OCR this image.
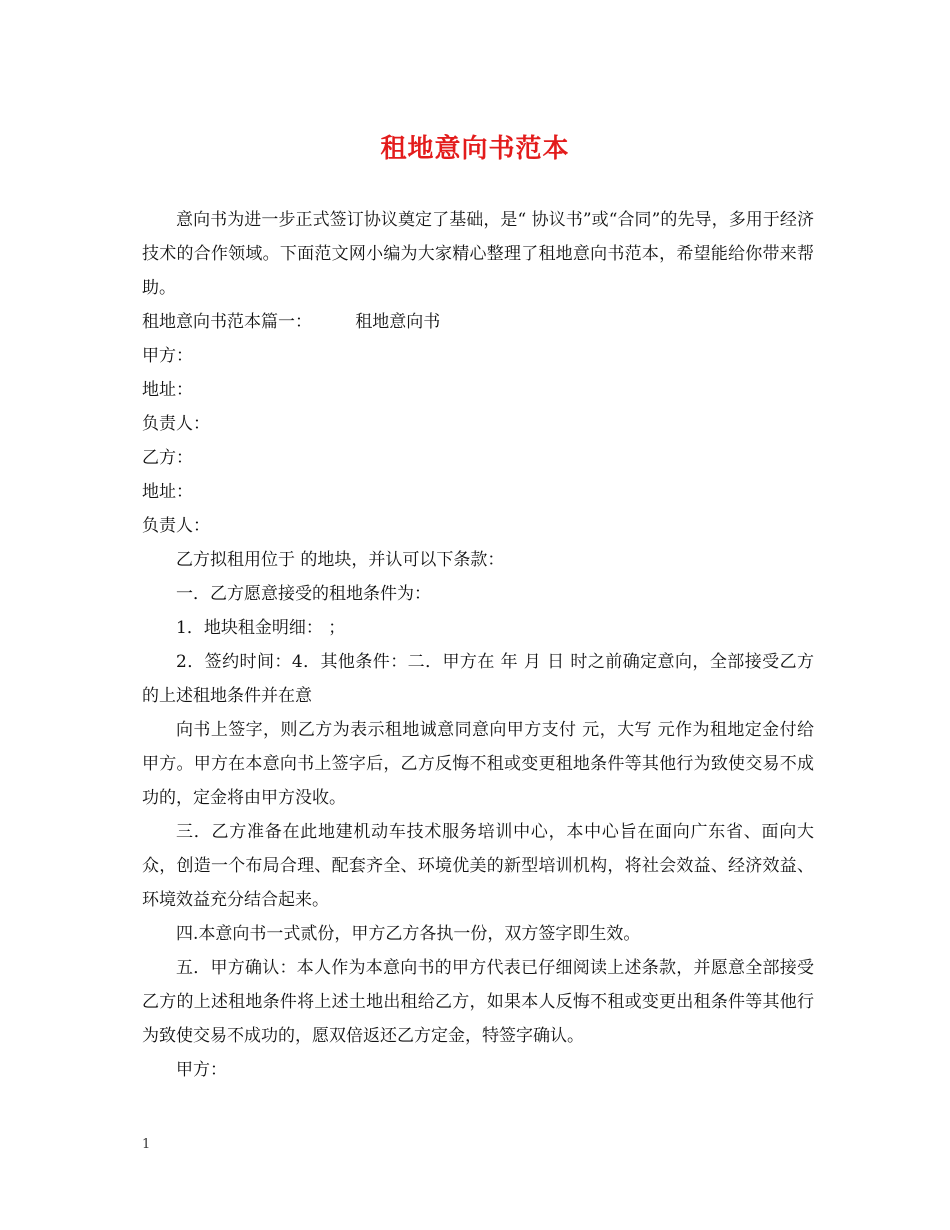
租地意向书范本

意向书为进一步正式签订协议奠定了基础，是“ 协议书”或“合同”的先导，多用于经济技术的合作领域。下面范文网小编为大家精心整理了租地意向书范本，希望能给你带来帮助。

租地意向书范本篇一：        租地意向书

甲方：

地址：

负责人：

乙方：

地址：

负责人：

乙方拟租用位于 的地块，并认可以下条款：

一．乙方愿意接受的租地条件为：

1．地块租金明细： ；

2．签约时间：4．其他条件：二．甲方在 年 月 日 时之前确定意向，全部接受乙方的上述租地条件并在意

向书上签字，则乙方为表示租地诚意同意向甲方支付 元，大写 元作为租地定金付给甲方。甲方在本意向书上签字后，乙方反悔不租或变更租地条件等其他行为致使交易不成功的，定金将由甲方没收。

三．乙方准备在此地建机动车技术服务培训中心，本中心旨在面向广东省、面向大众，创造一个布局合理、配套齐全、环境优美的新型培训机构，将社会效益、经济效益、环境效益充分结合起来。

四.本意向书一式贰份，甲方乙方各执一份，双方签字即生效。

五．甲方确认：本人作为本意向书的甲方代表已仔细阅读上述条款，并愿意全部接受乙方的上述租地条件将上述土地出租给乙方，如果本人反悔不租或变更出租条件等其他行为致使交易不成功的，愿双倍返还乙方定金，特签字确认。

甲方：

1
